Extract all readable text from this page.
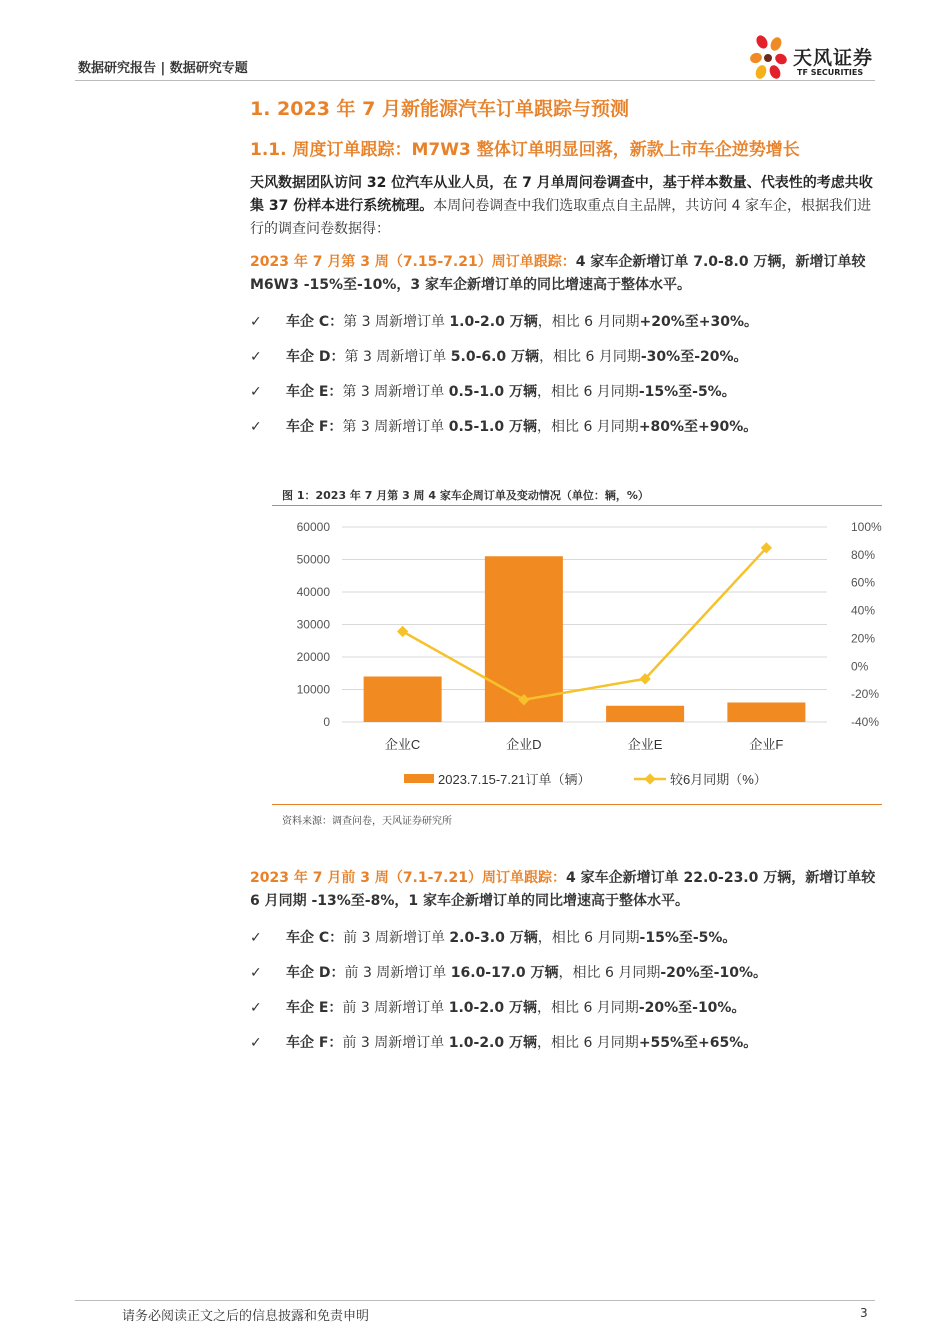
数据研究报告 | 数据研究专题	天风证券
TF SECURITIES
1. 2023 年 7 月新能源汽车订单跟踪与预测
1.1. 周度订单跟踪：M7W3 整体订单明显回落，新款上市车企逆势增长
天风数据团队访问 32 位汽车从业人员，在 7 月单周问卷调查中，基于样本数量、代表性的考虑共收集 37 份样本进行系统梳理。本周问卷调查中我们选取重点自主品牌，共访问 4 家车企，根据我们进行的调查问卷数据得：
2023 年 7 月第 3 周（7.15-7.21）周订单跟踪：4 家车企新增订单 7.0-8.0 万辆，新增订单较 M6W3 -15%至-10%，3 家车企新增订单的同比增速高于整体水平。
✓ 车企 C：第 3 周新增订单 1.0-2.0 万辆，相比 6 月同期+20%至+30%。
✓ 车企 D：第 3 周新增订单 5.0-6.0 万辆，相比 6 月同期-30%至-20%。
✓ 车企 E：第 3 周新增订单 0.5-1.0 万辆，相比 6 月同期-15%至-5%。
✓ 车企 F：第 3 周新增订单 0.5-1.0 万辆，相比 6 月同期+80%至+90%。
图 1：2023 年 7 月第 3 周 4 家车企周订单及变动情况（单位：辆，%）
60000
50000
40000
30000
20000
10000
0
100%
80%
60%
40%
20%
0%
-20%
-40%
企业C	企业D	企业E	企业F
2023.7.15-7.21订单（辆）	较6月同期（%）
资料来源：调查问卷，天风证券研究所
2023 年 7 月前 3 周（7.1-7.21）周订单跟踪：4 家车企新增订单 22.0-23.0 万辆，新增订单较 6 月同期 -13%至-8%，1 家车企新增订单的同比增速高于整体水平。
✓ 车企 C：前 3 周新增订单 2.0-3.0 万辆，相比 6 月同期-15%至-5%。
✓ 车企 D：前 3 周新增订单 16.0-17.0 万辆，相比 6 月同期-20%至-10%。
✓ 车企 E：前 3 周新增订单 1.0-2.0 万辆，相比 6 月同期-20%至-10%。
✓ 车企 F：前 3 周新增订单 1.0-2.0 万辆，相比 6 月同期+55%至+65%。
请务必阅读正文之后的信息披露和免责申明	3
